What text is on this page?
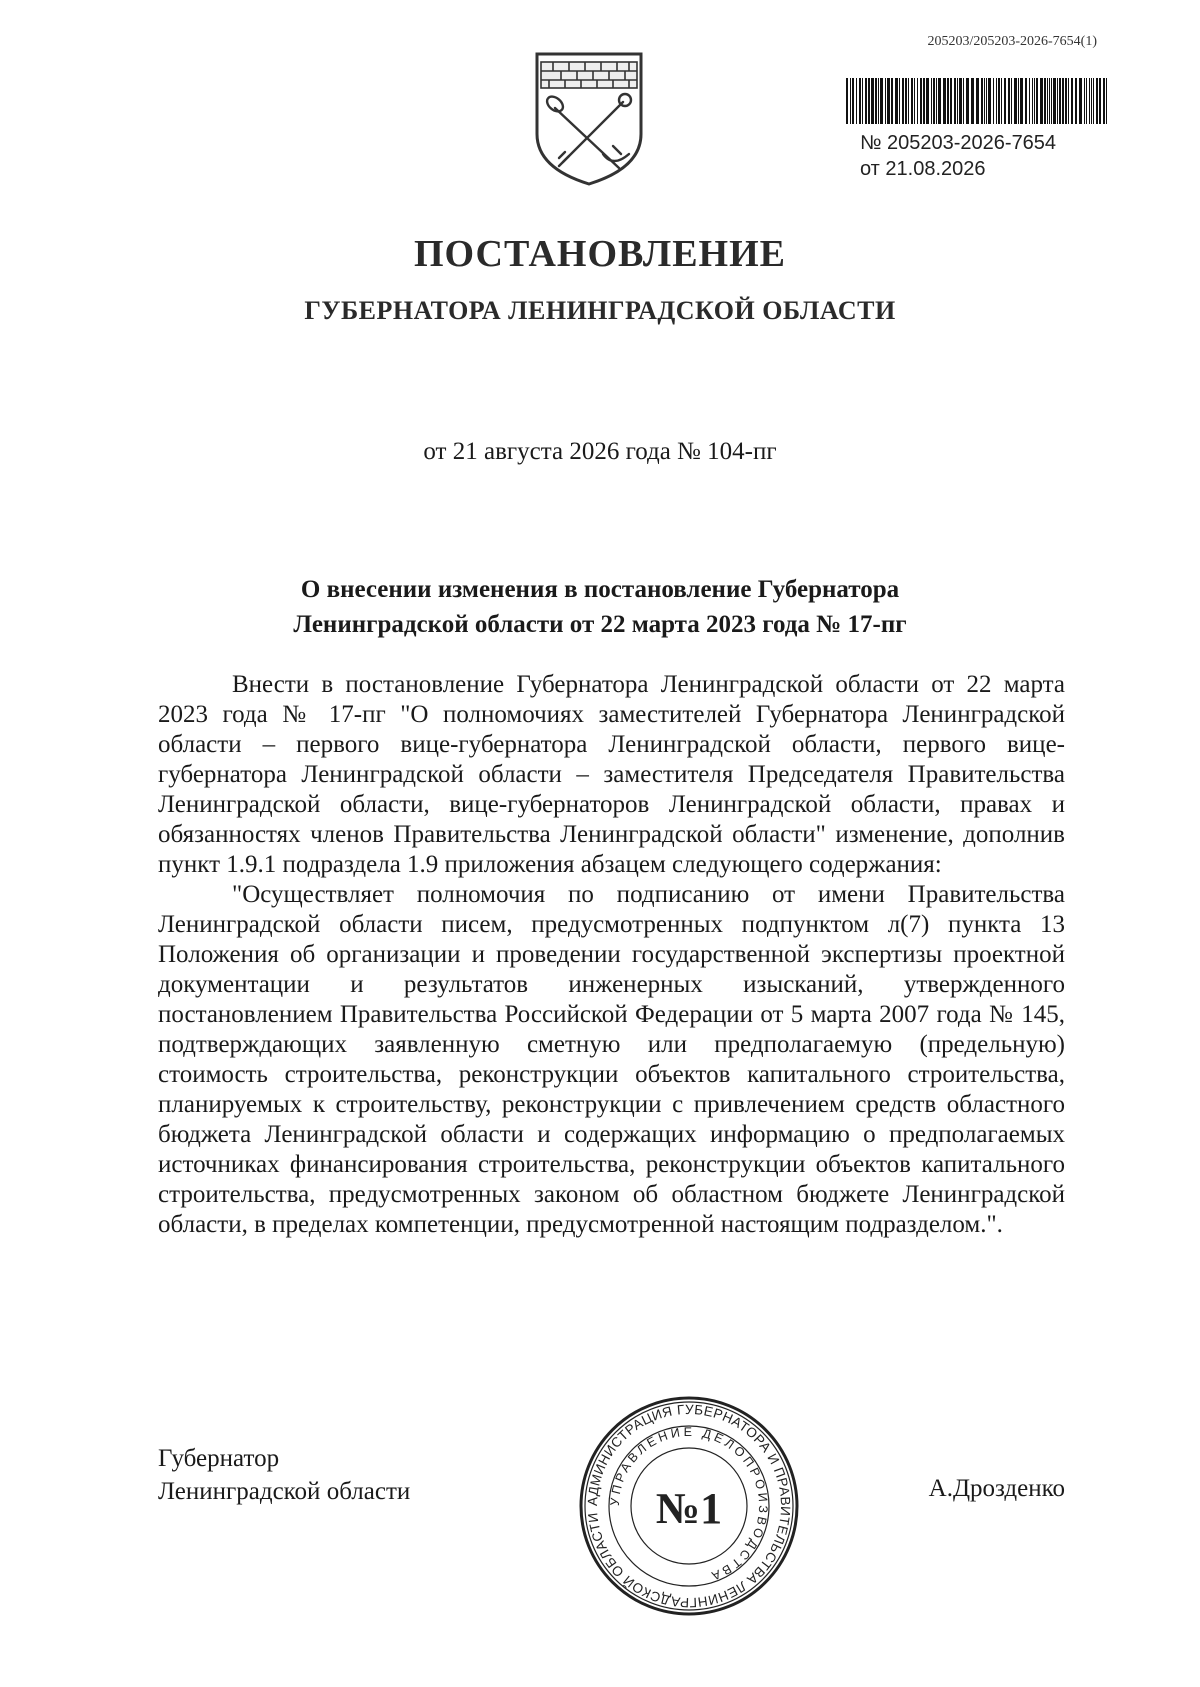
205203/205203-2026-7654(1)
№ 205203-2026-7654
от 21.08.2026
ПОСТАНОВЛЕНИЕ
ГУБЕРНАТОРА ЛЕНИНГРАДСКОЙ ОБЛАСТИ
от 21 августа 2026 года № 104-пг
О внесении изменения в постановление Губернатора
Ленинградской области от 22 марта 2023 года № 17-пг

Внести в постановление Губернатора Ленинградской области от 22 марта 2023 года № 17-пг "О полномочиях заместителей Губернатора Ленинградской области – первого вице-губернатора Ленинградской области, первого вице-губернатора Ленинградской области – заместителя Председателя Правительства Ленинградской области, вице-губернаторов Ленинградской области, правах и обязанностях членов Правительства Ленинградской области" изменение, дополнив пункт 1.9.1 подраздела 1.9 приложения абзацем следующего содержания:

"Осуществляет полномочия по подписанию от имени Правительства Ленинградской области писем, предусмотренных подпунктом л(7) пункта 13 Положения об организации и проведении государственной экспертизы проектной документации и результатов инженерных изысканий, утвержденного постановлением Правительства Российской Федерации от 5 марта 2007 года № 145, подтверждающих заявленную сметную или предполагаемую (предельную) стоимость строительства, реконструкции объектов капитального строительства, планируемых к строительству, реконструкции с привлечением средств областного бюджета Ленинградской области и содержащих информацию о предполагаемых источниках финансирования строительства, реконструкции объектов капитального строительства, предусмотренных законом об областном бюджете Ленинградской области, в пределах компетенции, предусмотренной настоящим подразделом.".

Губернатор
Ленинградской области	А.Дрозденко
АДМИНИСТРАЦИЯ ГУБЕРНАТОРА И ПРАВИТЕЛЬСТВА ЛЕНИНГРАДСКОЙ ОБЛАСТИ
УПРАВЛЕНИЕ ДЕЛОПРОИЗВОДСТВА
№1
